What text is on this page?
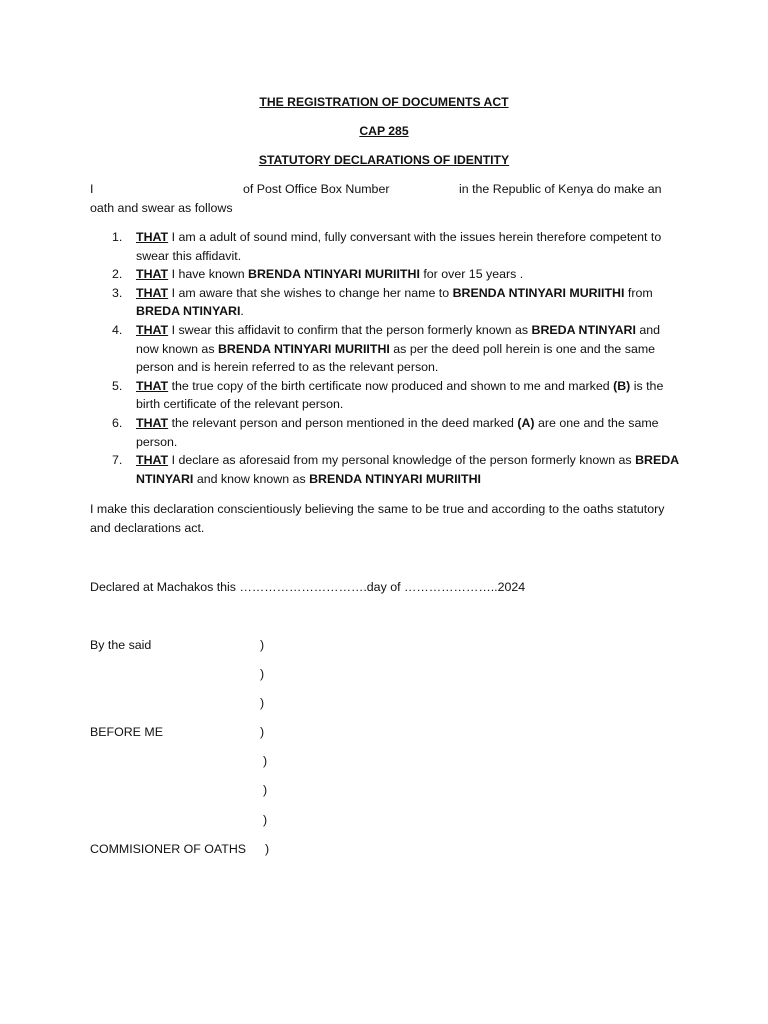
THE REGISTRATION OF DOCUMENTS ACT
CAP 285
STATUTORY DECLARATIONS OF IDENTITY
I	of Post Office Box Number	in the Republic of Kenya do make an
oath and swear as follows
1. THAT I am a adult of sound mind, fully conversant with the issues herein therefore competent to swear this affidavit.
2. THAT I have known BRENDA NTINYARI MURIITHI for over 15 years .
3. THAT I am aware that she wishes to change her name to BRENDA NTINYARI MURIITHI from BREDA NTINYARI.
4. THAT I swear this affidavit to confirm that the person formerly known as BREDA NTINYARI and now known as BRENDA NTINYARI MURIITHI as per the deed poll herein is one and the same person and is herein referred to as the relevant person.
5. THAT the true copy of the birth certificate now produced and shown to me and marked (B) is the birth certificate of the relevant person.
6. THAT the relevant person and person mentioned in the deed marked (A) are one and the same person.
7. THAT I declare as aforesaid from my personal knowledge of the person formerly known as BREDA NTINYARI and know known as BRENDA NTINYARI MURIITHI
I make this declaration conscientiously believing the same to be true and according to the oaths statutory and declarations act.
Declared at Machakos this ………………………….day of …………………..2024
By the said	)
)
)
BEFORE ME	)
)
)
)
COMMISIONER OF OATHS )
